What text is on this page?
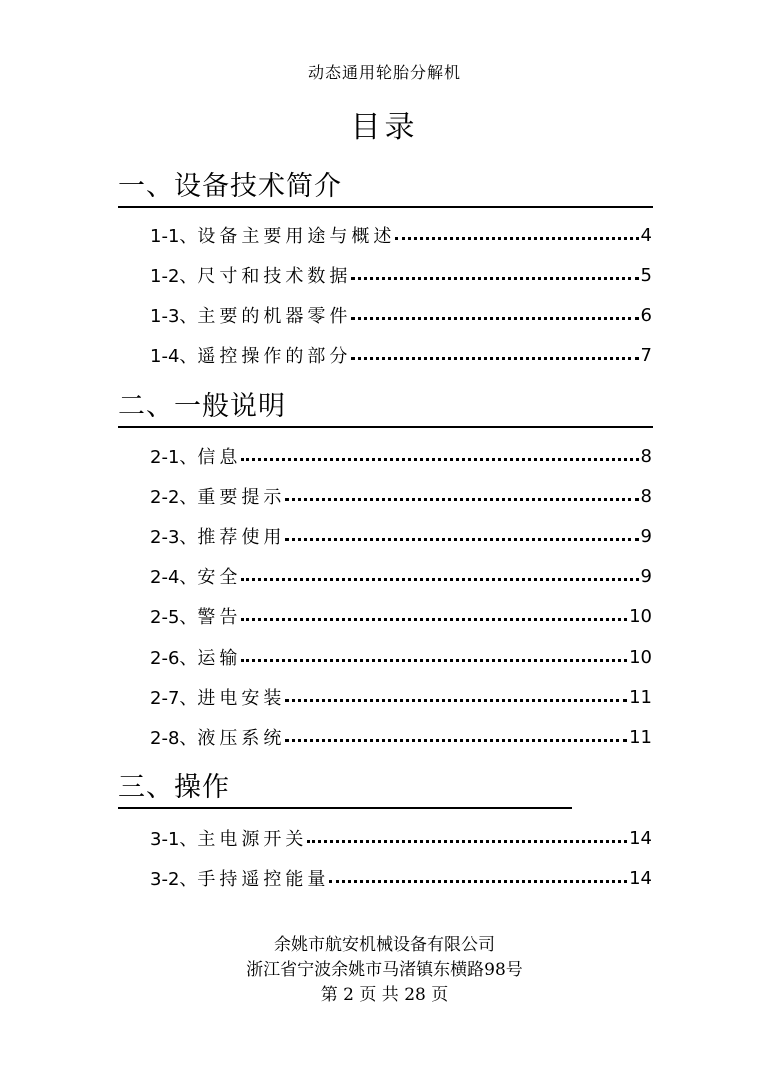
动态通用轮胎分解机
目录
一、设备技术简介
1-1、 设备主要用途与概述	4
1-2、 尺寸和技术数据	5
1-3、 主要的机器零件	6
1-4、 遥控操作的部分	7
二、一般说明
2-1、 信息	8
2-2、 重要提示	8
2-3、 推荐使用	9
2-4、 安全	9
2-5、 警告	10
2-6、 运输	10
2-7、 进电安装	11
2-8、 液压系统	11
三、操作
3-1、 主电源开关	14
3-2、 手持遥控能量	14
余姚市航安机械设备有限公司
浙江省宁波余姚市马渚镇东横路98号
第 2 页 共 28 页
